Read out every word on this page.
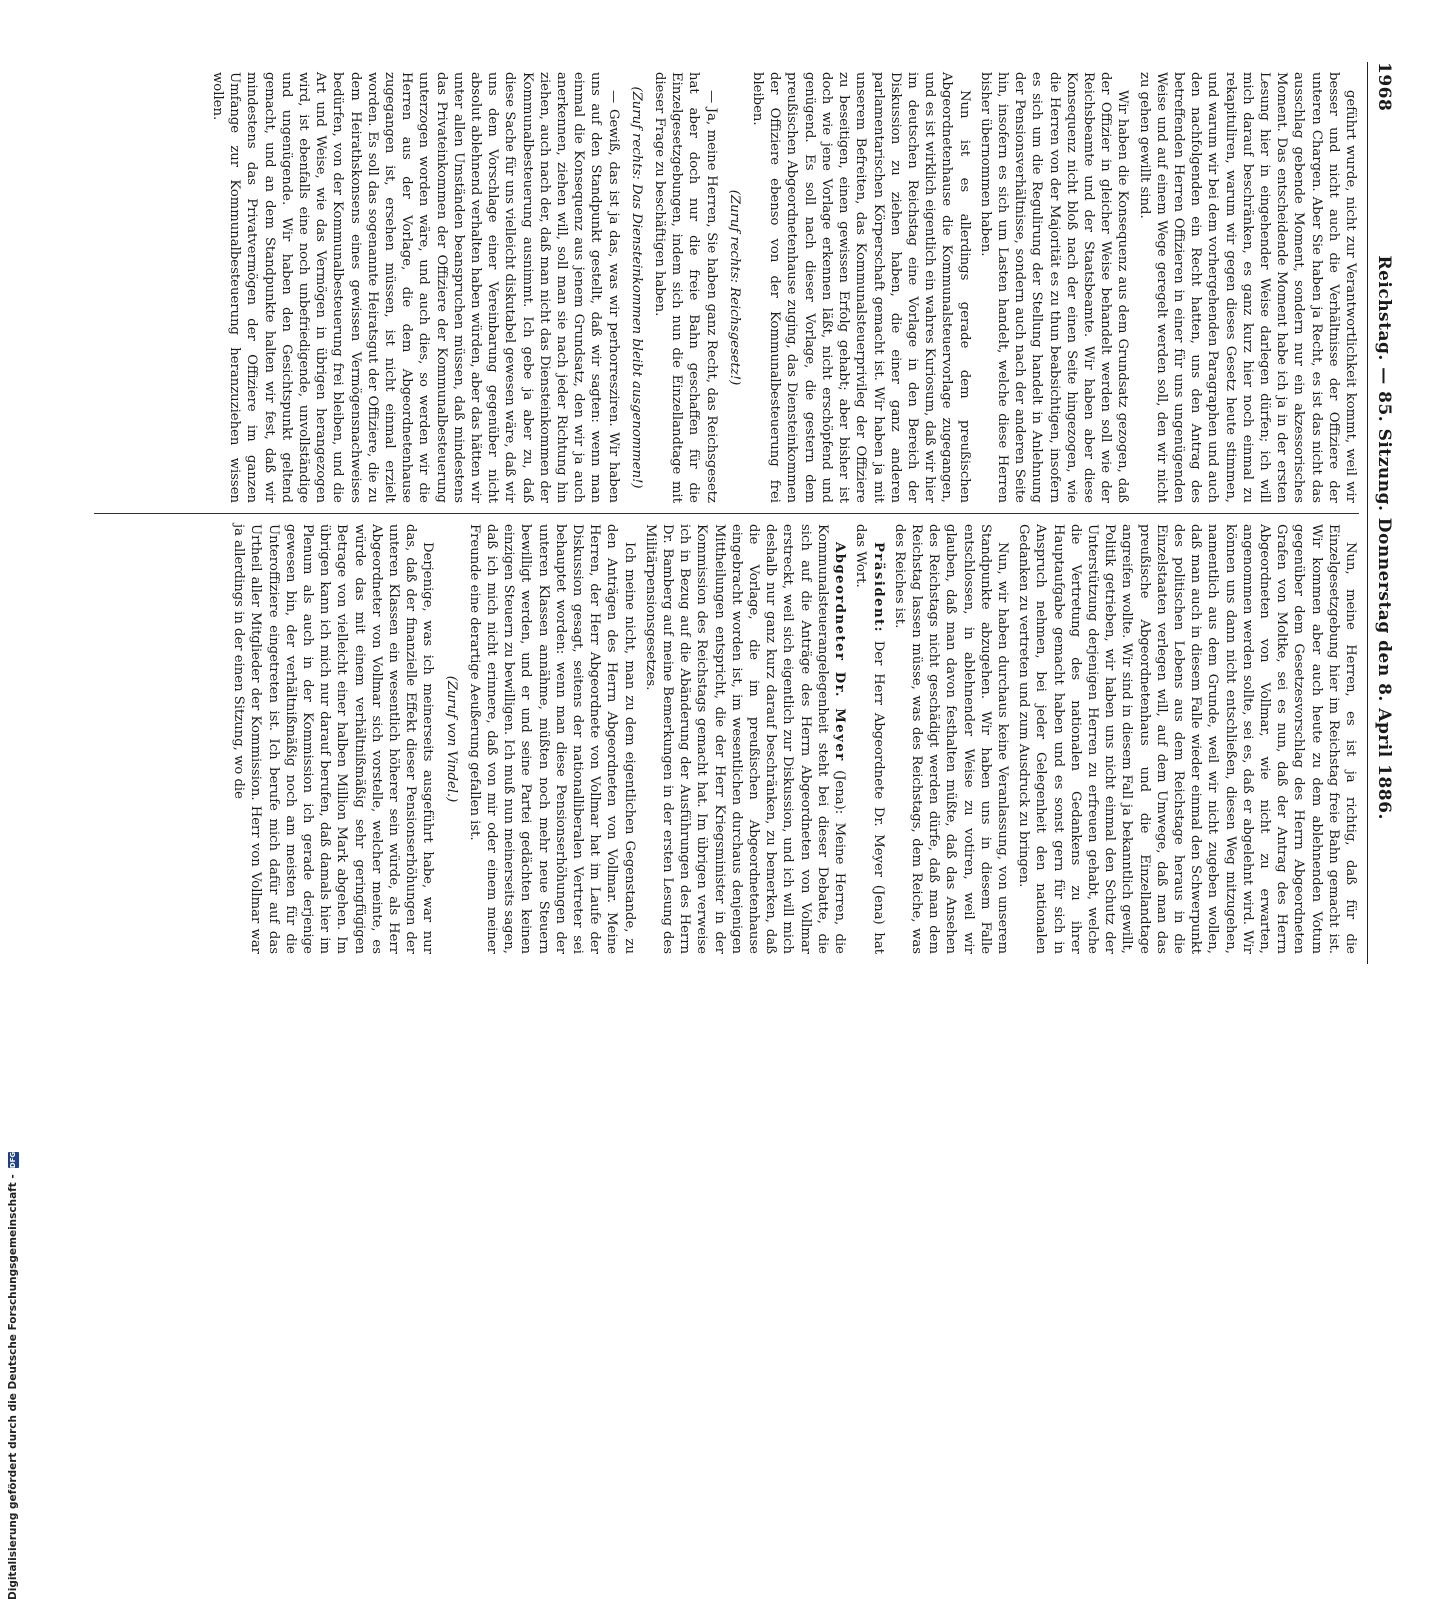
1968
Reichstag. — 85. Sitzung. Donnerstag den 8. April 1886.

geführt wurde, nicht zur Verantwortlichkeit kommt, weil wir besser und nicht auch die Verhältnisse der Offiziere der unteren Chargen. Aber Sie haben ja Recht, es ist das nicht das ausschlag gebende Moment, sondern nur ein akzessorisches Moment. Das entscheidende Moment habe ich ja in der ersten Lesung hier in eingehender Weise darlegen dürfen; ich will mich darauf beschränken, es ganz kurz hier noch einmal zu rekapituliren, warum wir gegen dieses Gesetz heute stimmen, und warum wir bei dem vorhergehenden Paragraphen und auch den nachfolgenden ein Recht hatten, uns den Antrag des betreffenden Herren Offizieren in einer für uns ungenügenden Weise und auf einem Wege geregelt werden soll, den wir nicht zu gehen gewillt sind.

Wir haben die Konsequenz aus dem Grundsatz gezogen, daß der Offizier in gleicher Weise behandelt werden soll wie der Reichsbeamte und der Staatsbeamte. Wir haben aber diese Konsequenz nicht bloß nach der einen Seite hingezogen, wie die Herren von der Majorität es zu thun beabsichtigen, insofern es sich um die Regulirung der Stellung handelt in Anlehnung der Pensionsverhältnisse, sondern auch nach der anderen Seite hin, insofern es sich um Lasten handelt, welche diese Herren bisher übernommen haben.

Nun ist es allerdings gerade dem preußischen Abgeordnetenhause die Kommunalsteuervorlage zugegangen, und es ist wirklich eigentlich ein wahres Kuriosum, daß wir hier im deutschen Reichstag eine Vorlage in den Bereich der Diskussion zu ziehen haben, die einer ganz anderen parlamentarischen Körperschaft gemacht ist. Wir haben ja mit unserem Befreiten, das Kommunalsteuerprivileg der Offiziere zu beseitigen, einen gewissen Erfolg gehabt; aber bisher ist doch wie jene Vorlage erkennen läßt, nicht erschöpfend und genügend. Es soll nach dieser Vorlage, die gestern dem preußischen Abgeordnetenhause zuging, das Diensteinkommen der Offiziere ebenso von der Kommunalbesteuerung frei bleiben.

(Zuruf rechts: Reichsgesetz!)

— Ja, meine Herren, Sie haben ganz Recht, das Reichsgesetz hat aber doch nur die freie Bahn geschaffen für die Einzelgesetzgebungen, indem sich nun die Einzellandtage mit dieser Frage zu beschäftigen haben.

(Zuruf rechts: Das Diensteinkommen bleibt ausgenommen!)

— Gewiß, das ist ja das, was wir perhorresziren. Wir haben uns auf den Standpunkt gestellt, daß wir sagten: wenn man einmal die Konsequenz aus jenem Grundsatz, den wir ja auch anerkennen, ziehen will, soll man sie nach jeder Richtung hin ziehen, auch nach der, daß man nicht das Diensteinkommen der Kommunalbesteuerung ausnimmt. Ich gebe ja aber zu, daß diese Sache für uns vielleicht diskutabel gewesen wäre, daß wir uns dem Vorschlage einer Vereinbarung gegenüber nicht absolut ablehnend verhalten haben würden, aber das hätten wir unter allen Umständen beanspruchen müssen, daß mindestens das Privateinkommen der Offiziere der Kommunalbesteuerung unterzogen worden wäre, und auch dies, so werden wir die Herren aus der Vorlage, die dem Abgeordnetenhause zugegangen ist, ersehen müssen, ist nicht einmal erzielt worden. Es soll das sogenannte Heiratsgut der Offiziere, die zu dem Heirathskonsens eines gewissen Vermögensnachweises bedürfen, von der Kommunalbesteuerung frei bleiben, und die Art und Weise, wie das Vermögen in übrigen herangezogen wird, ist ebenfalls eine noch unbefriedigende, unvollständige und ungenügende. Wir haben den Gesichtspunkt geltend gemacht, und an dem Standpunkte halten wir fest, daß wir mindestens das Privatvermögen der Offiziere im ganzen Umfange zur Kommunalbesteuerung heranzuziehen wissen wollen.

Nun, meine Herren, es ist ja richtig, daß für die Einzelgesetzgebung hier im Reichstag freie Bahn gemacht ist. Wir kommen aber auch heute zu dem ablehnenden Votum gegenüber dem Gesetzesvorschlag des Herrn Abgeordneten Grafen von Moltke, sei es nun, daß der Antrag des Herrn Abgeordneten von Vollmar, wie nicht zu erwarten, angenommen werden sollte, sei es, daß er abgelehnt wird. Wir können uns dann nicht entschließen, diesen Weg mitzugehen, namentlich aus dem Grunde, weil wir nicht zugeben wollen, daß man auch in diesem Falle wieder einmal den Schwerpunkt des politischen Lebens aus dem Reichstage heraus in die Einzelstaaten verlegen will, auf dem Umwege, daß man das preußische Abgeordnetenhaus und die Einzellandtage angreifen wollte. Wir sind in diesem Fall ja bekanntlich gewillt, Politik getrieben, wir haben uns nicht einmal den Schutz der Unterstützung derjenigen Herren zu erfreuen gehabt, welche die Vertretung des nationalen Gedankens zu ihrer Hauptaufgabe gemacht haben und es sonst gern für sich in Anspruch nehmen, bei jeder Gelegenheit den nationalen Gedanken zu vertreten und zum Ausdruck zu bringen.

Nun, wir haben durchaus keine Veranlassung, von unserem Standpunkte abzugehen. Wir haben uns in diesem Falle entschlossen, in ablehnender Weise zu votiren, weil wir glauben, daß man davon festhalten müßte, daß das Ansehen des Reichstags nicht geschädigt werden dürfe, daß man dem Reichstag lassen müsse, was des Reichstags, dem Reiche, was des Reiches ist.

Präsident: Der Herr Abgeordnete Dr. Meyer (Jena) hat das Wort.

Abgeordneter Dr. Meyer (Jena): Meine Herren, die Kommunalsteuerangelegenheit steht bei dieser Debatte, die sich auf die Anträge des Herrn Abgeordneten von Vollmar erstreckt, weil sich eigentlich zur Diskussion, und ich will mich deshalb nur ganz kurz darauf beschränken, zu bemerken, daß die Vorlage, die im preußischen Abgeordnetenhause eingebracht worden ist, im wesentlichen durchaus denjenigen Mittheilungen entspricht, die der Herr Kriegsminister in der Kommission des Reichstags gemacht hat. Im übrigen verweise ich in Bezug auf die Abänderung der Ausführungen des Herrn Dr. Bamberg auf meine Bemerkungen in der ersten Lesung des Militärpensionsgesetzes.

Ich meine nicht, man zu dem eigentlichen Gegenstande, zu den Anträgen des Herrn Abgeordneten von Vollmar. Meine Herren, der Herr Abgeordnete von Vollmar hat im Laufe der Diskussion gesagt, seitens der nationalliberalen Vertreter sei behauptet worden: wenn man diese Pensionserhöhungen der unteren Klassen annähme, müßten noch mehr neue Steuern bewilligt werden, und er und seine Partei gedächten keinen einzigen Steuern zu bewilligen. Ich muß nun meinerseits sagen, daß ich mich nicht erinnere, daß von mir oder einem meiner Freunde eine derartige Aeußerung gefallen ist.

(Zuruf von Vindel.)

Derjenige, was ich meinerseits ausgeführt habe, war nur das, daß der finanzielle Effekt dieser Pensionserhöhungen der unteren Klassen ein wesentlich höherer sein würde, als Herr Abgeordneter von Vollmar sich vorstelle, welcher meinte, es würde das mit einem verhältnißmäßig sehr geringfügigen Betrage von vielleicht einer halben Million Mark abgehen. Im übrigen kann ich mich nur darauf berufen, daß damals hier im Plenum als auch in der Kommission ich gerade derjenige gewesen bin, der verhältnißmäßig noch am meisten für die Unteroffiziere eingetreten ist. Ich berufe mich dafür auf das Urtheil aller Mitglieder der Kommission. Herr von Vollmar war ja allerdings in der einen Sitzung, wo die

Digitalisierung gefördert durch die Deutsche Forschungsgemeinschaft -
DFG
